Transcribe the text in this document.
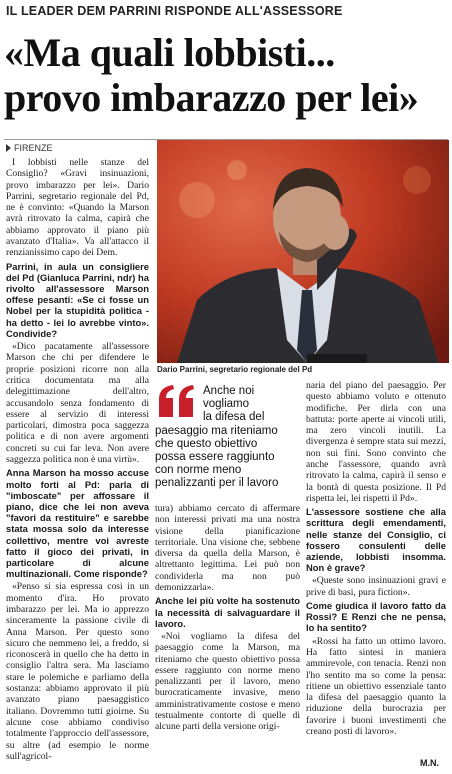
IL LEADER DEM PARRINI RISPONDE ALL'ASSESSORE
«Ma quali lobbisti...
provo imbarazzo per lei»
FIRENZE

I lobbisti nelle stanze del Consiglio? «Gravi insinuazioni, provo imbarazzo per lei». Dario Parrini, segretario regionale del Pd, ne è convinto: «Quando la Marson avrà ritrovato la calma, capirà che abbiamo approvato il piano più avanzato d'Italia». Va all'attacco il renzianissimo capo dei Dem.

Parrini, in aula un consigliere del Pd (Gianluca Parrini, ndr) ha rivolto all'assessore Marson offese pesanti: «Se ci fosse un Nobel per la stupidità politica - ha detto - lei lo avrebbe vinto». Condivide?

«Dico pacatamente all'assessore Marson che chi per difendere le proprie posizioni ricorre non alla critica documentata ma alla delegittimazione dell'altro, accusandolo senza fondamento di essere al servizio di interessi particolari, dimostra poca saggezza politica e di non avere argomenti concreti su cui far leva. Non avere saggezza politica non è una virtù».

Anna Marson ha mosso accuse molto forti al Pd: parla di "imboscate" per affossare il piano, dice che lei non aveva "favori da restituire" e sarebbe stata mossa solo da interesse collettivo, mentre voi avreste fatto il gioco dei privati, in particolare di alcune multinazionali. Come risponde?

«Penso si sia espressa così in un momento d'ira. Ho provato imbarazzo per lei. Ma io apprezzo sinceramente la passione civile di Anna Marson. Per questo sono sicuro che nemmeno lei, a freddo, si riconoscerà in quello che ha detto in consiglio l'altra sera. Ma lasciamo stare le polemiche e parliamo della sostanza: abbiamo approvato il più avanzato piano paesaggistico italiano. Dovremmo tutti gioirne. Su alcune cose abbiamo condiviso totalmente l'approccio dell'assessore, su altre (ad esempio le norme sull'agricol-

Dario Parrini, segretario regionale del Pd
Anche noi
vogliamo
la difesa del
paesaggio ma riteniamo
che questo obiettivo
possa essere raggiunto
con norme meno
penalizzanti per il lavoro

tura) abbiamo cercato di affermare non interessi privati ma una nostra visione della pianificazione territoriale. Una visione che, sebbene diversa da quella della Marson, è altrettanto legittima. Lei può non condividerla ma non può demonizzarla».

Anche lei più volte ha sostenuto la necessità di salvaguardare il lavoro.

«Noi vogliamo la difesa del paesaggio come la Marson, ma riteniamo che questo obiettivo possa essere raggiunto con norme meno penalizzanti per il lavoro, meno burocraticamente invasive, meno amministrativamente costose e meno testualmente contorte di quelle di alcune parti della versione origi-

naria del piano del paesaggio. Per questo abbiamo voluto e ottenuto modifiche. Per dirla con una battuta: porte aperte ai vincoli utili, ma zero vincoli inutili. La divergenza è sempre stata sui mezzi, non sui fini. Sono convinto che anche l'assessore, quando avrà ritrovato la calma, capirà il senso e la bontà di questa posizione. Il Pd rispetta lei, lei rispetti il Pd».

L'assessore sostiene che alla scrittura degli emendamenti, nelle stanze del Consiglio, ci fossero consulenti delle aziende, lobbisti insomma. Non è grave?

«Queste sono insinuazioni gravi e prive di basi, pura fiction».

Come giudica il lavoro fatto da Rossi? E Renzi che ne pensa, lo ha sentito?

«Rossi ha fatto un ottimo lavoro. Ha fatto sintesi in maniera ammirevole, con tenacia. Renzi non l'ho sentito ma so come la pensa: ritiene un obiettivo essenziale tanto la difesa del paesaggio quanto la riduzione della burocrazia per favorire i buoni investimenti che creano posti di lavoro».

M.N.
